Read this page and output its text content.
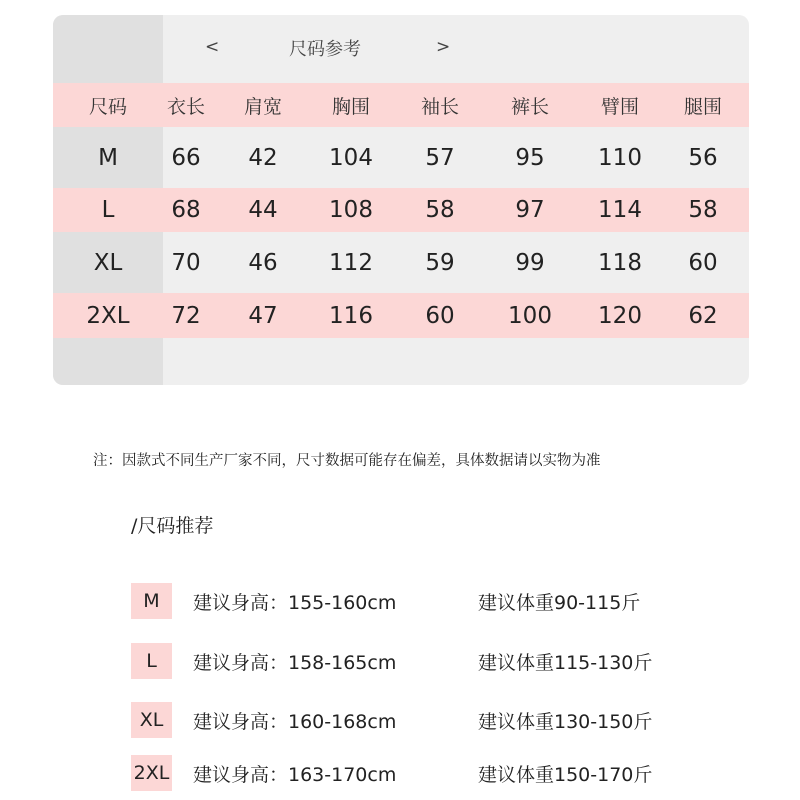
<	尺码参考	>
尺码	衣长	肩宽	胸围	袖长	裤长	臂围	腿围
M	66	42	104	57	95	110	56
L	68	44	108	58	97	114	58
XL	70	46	112	59	99	118	60
2XL	72	47	116	60	100	120	62
注：因款式不同生产厂家不同，尺寸数据可能存在偏差，具体数据请以实物为准
/尺码推荐
M	建议身高：155-160cm	建议体重90-115斤
L	建议身高：158-165cm	建议体重115-130斤
XL	建议身高：160-168cm	建议体重130-150斤
2XL 建议身高：163-170cm	建议体重150-170斤
